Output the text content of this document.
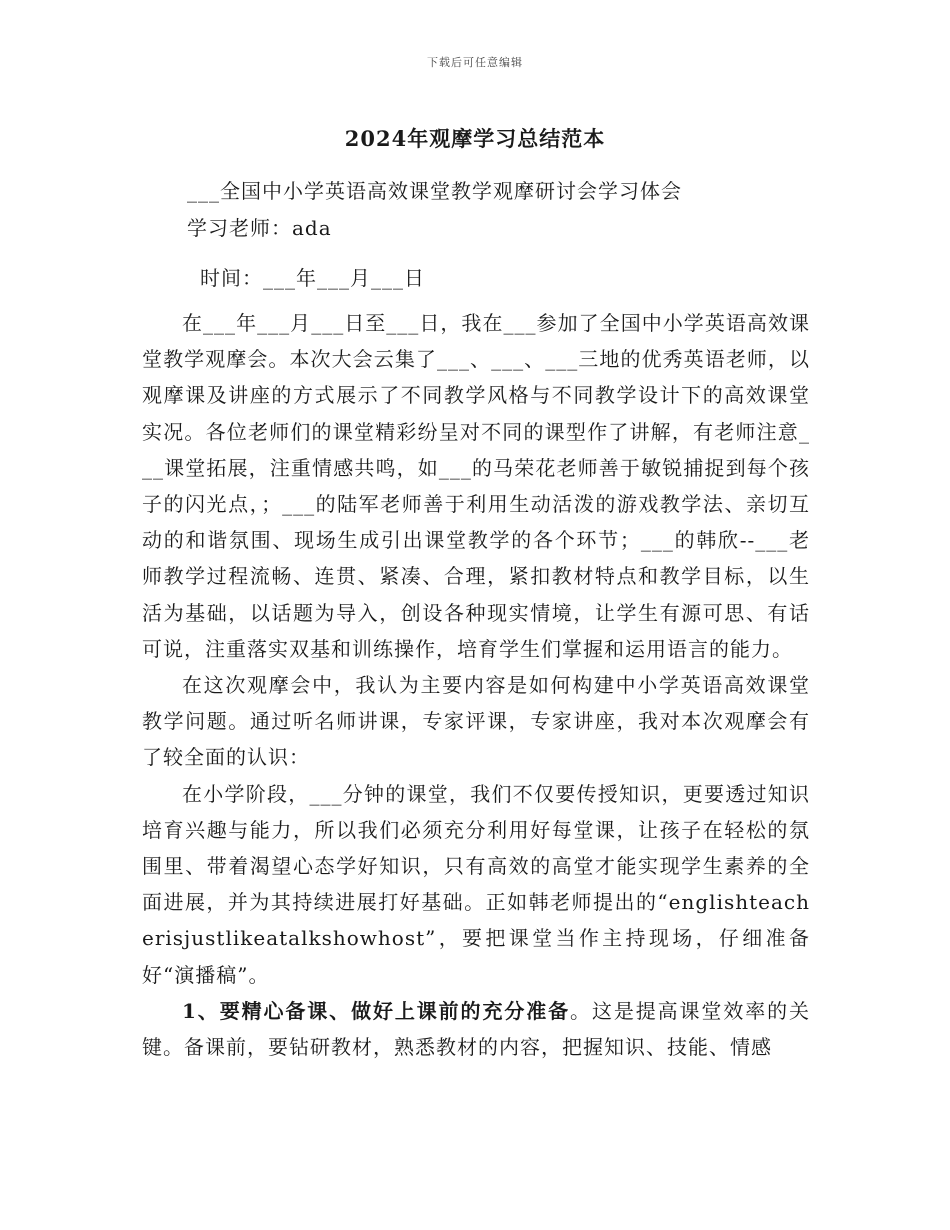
下载后可任意编辑
2024年观摩学习总结范本
___全国中小学英语高效课堂教学观摩研讨会学习体会
学习老师：ada
时间：___年___月___日

在___年___月___日至___日，我在___参加了全国中小学英语高效课堂教学观摩会。本次大会云集了___、___、___三地的优秀英语老师，以观摩课及讲座的方式展示了不同教学风格与不同教学设计下的高效课堂实况。各位老师们的课堂精彩纷呈对不同的课型作了讲解，有老师注意___课堂拓展，注重情感共鸣，如___的马荣花老师善于敏锐捕捉到每个孩子的闪光点，；___的陆军老师善于利用生动活泼的游戏教学法、亲切互动的和谐氛围、现场生成引出课堂教学的各个环节；___的韩欣--___老师教学过程流畅、连贯、紧凑、合理，紧扣教材特点和教学目标，以生活为基础，以话题为导入，创设各种现实情境，让学生有源可思、有话可说，注重落实双基和训练操作，培育学生们掌握和运用语言的能力。

在这次观摩会中，我认为主要内容是如何构建中小学英语高效课堂教学问题。通过听名师讲课，专家评课，专家讲座，我对本次观摩会有了较全面的认识：

在小学阶段，___分钟的课堂，我们不仅要传授知识，更要透过知识培育兴趣与能力，所以我们必须充分利用好每堂课，让孩子在轻松的氛围里、带着渴望心态学好知识，只有高效的高堂才能实现学生素养的全面进展，并为其持续进展打好基础。正如韩老师提出的“englishteacherisjustlikeatalkshowhost”，要把课堂当作主持现场，仔细准备好“演播稿”。

1、要精心备课、做好上课前的充分准备。这是提高课堂效率的关键。备课前，要钻研教材，熟悉教材的内容，把握知识、技能、情感
